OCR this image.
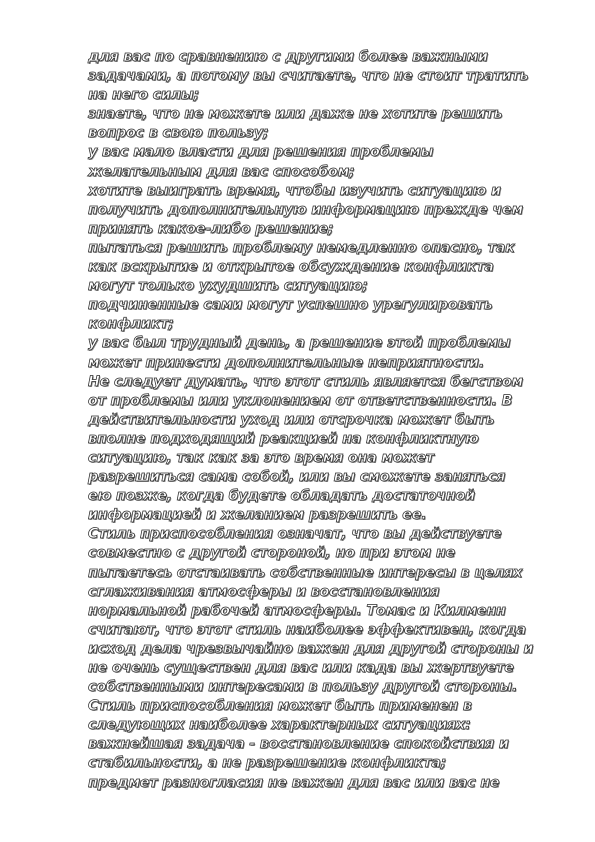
для вас по сравнению с другими более важными
задачами, а потому вы считаете, что не стоит тратить
на него силы;
знаете, что не можете или даже не хотите решить
вопрос в свою пользу;
у вас мало власти для решения проблемы
желательным для вас способом;
хотите выиграть время, чтобы изучить ситуацию и
получить дополнительную информацию прежде чем
принять какое-либо решение;
пытаться решить проблему немедленно опасно, так
как вскрытие и открытое обсуждение конфликта
могут только ухудшить ситуацию;
подчиненные сами могут успешно урегулировать
конфликт;
у вас был трудный день, а решение этой проблемы
может принести дополнительные неприятности.
Не следует думать, что этот стиль является бегством
от проблемы или уклонением от ответственности. В
действительности уход или отсрочка может быть
вполне подходящий реакцией на конфликтную
ситуацию, так как за это время она может
разрешиться сама собой, или вы сможете заняться
ею позже, когда будете обладать достаточной
информацией и желанием разрешить ее.
Стиль приспособления означат, что вы действуете
совместно с другой стороной, но при этом не
пытаетесь отстаивать собственные интересы в целях
сглаживания атмосферы и восстановления
нормальной рабочей атмосферы. Томас и Килменн
считают, что этот стиль наиболее эффективен, когда
исход дела чрезвычайно важен для другой стороны и
не очень существен для вас или када вы жертвуете
собственными интересами в пользу другой стороны.
Стиль приспособления может быть применен в
следующих наиболее характерных ситуациях:
важнейшая задача - восстановление спокойствия и
стабильности, а не разрешение конфликта;
предмет разногласия не важен для вас или вас не
